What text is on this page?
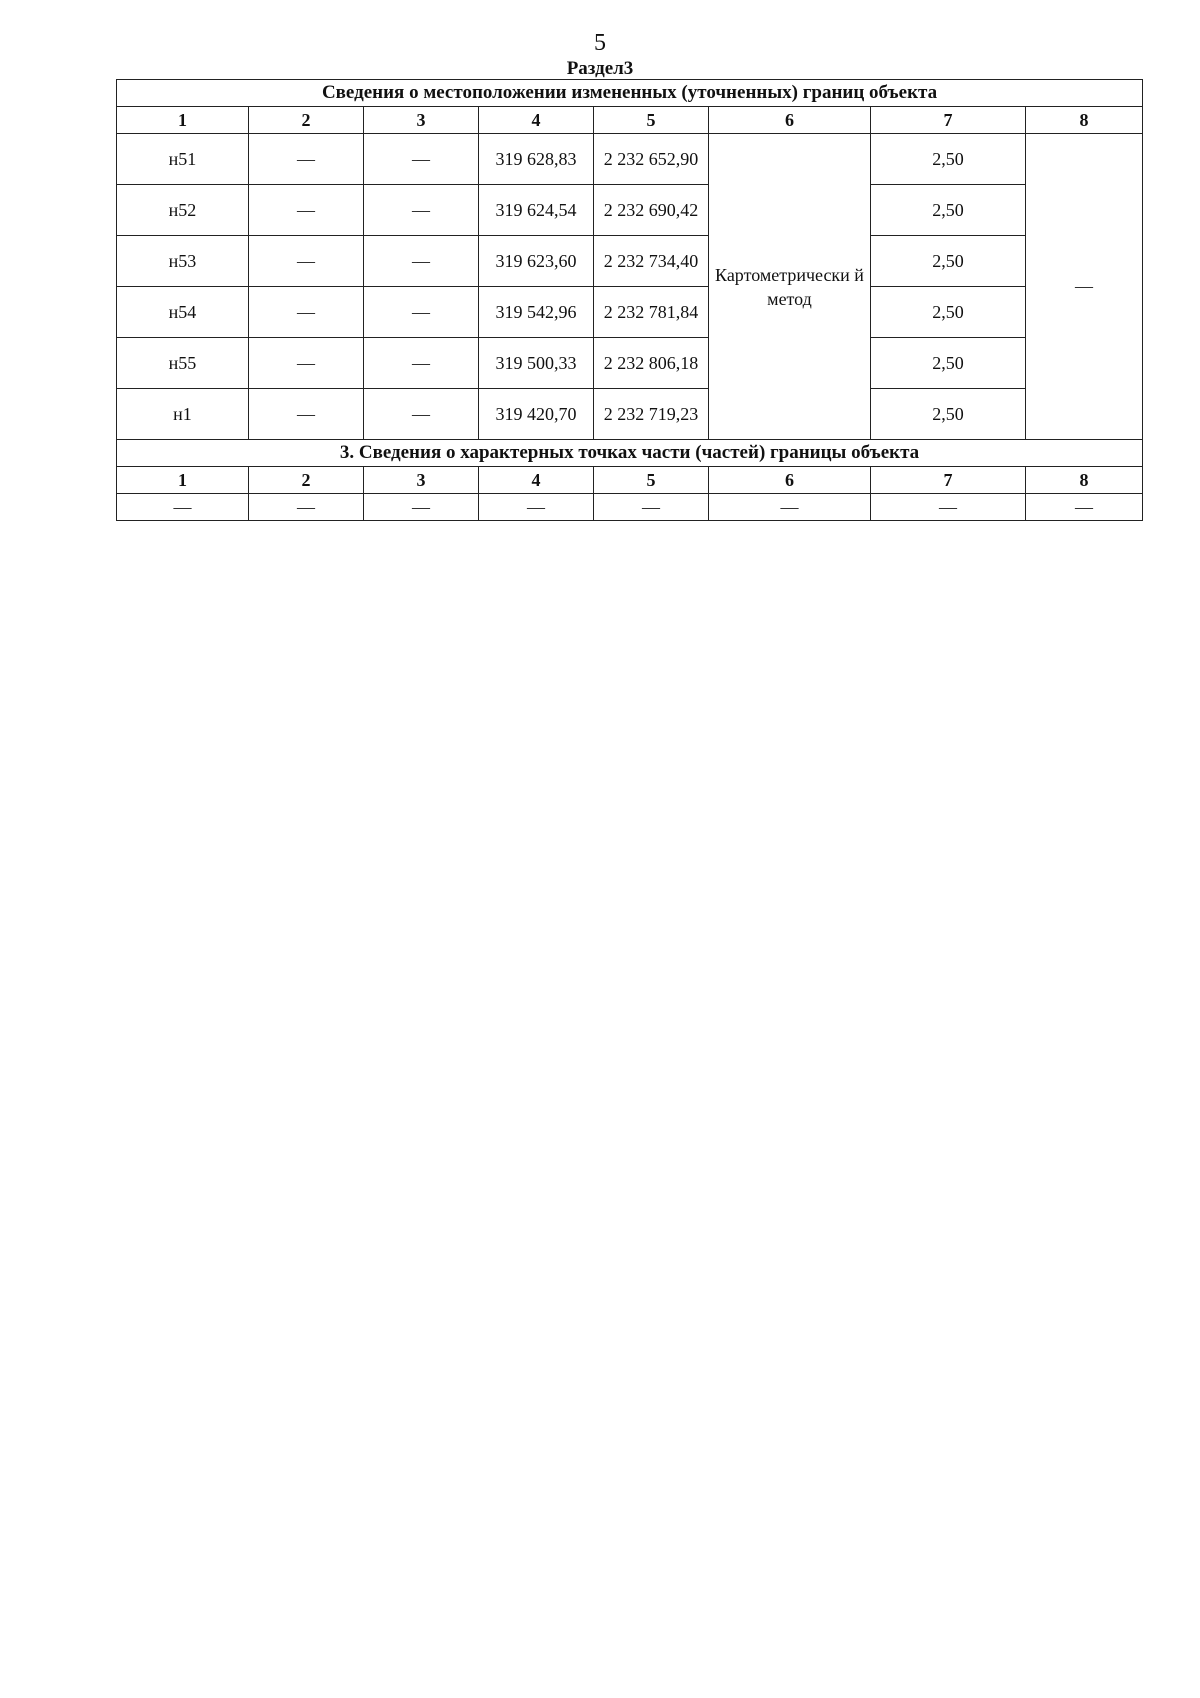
5
Раздел3
Сведения о местоположении измененных (уточненных) границ объекта							
1	2	3	4	5	6	7	8
н51	—	—	319 628,83	2 232 652,90	Картометрически й метод	2,50	—
н52	—	—	319 624,54	2 232 690,42		2,50	
н53	—	—	319 623,60	2 232 734,40		2,50	
н54	—	—	319 542,96	2 232 781,84		2,50	
н55	—	—	319 500,33	2 232 806,18		2,50	
н1	—	—	319 420,70	2 232 719,23		2,50	
3. Сведения о характерных точках части (частей) границы объекта							
1	2	3	4	5	6	7	8
—	—	—	—	—	—	—	—
